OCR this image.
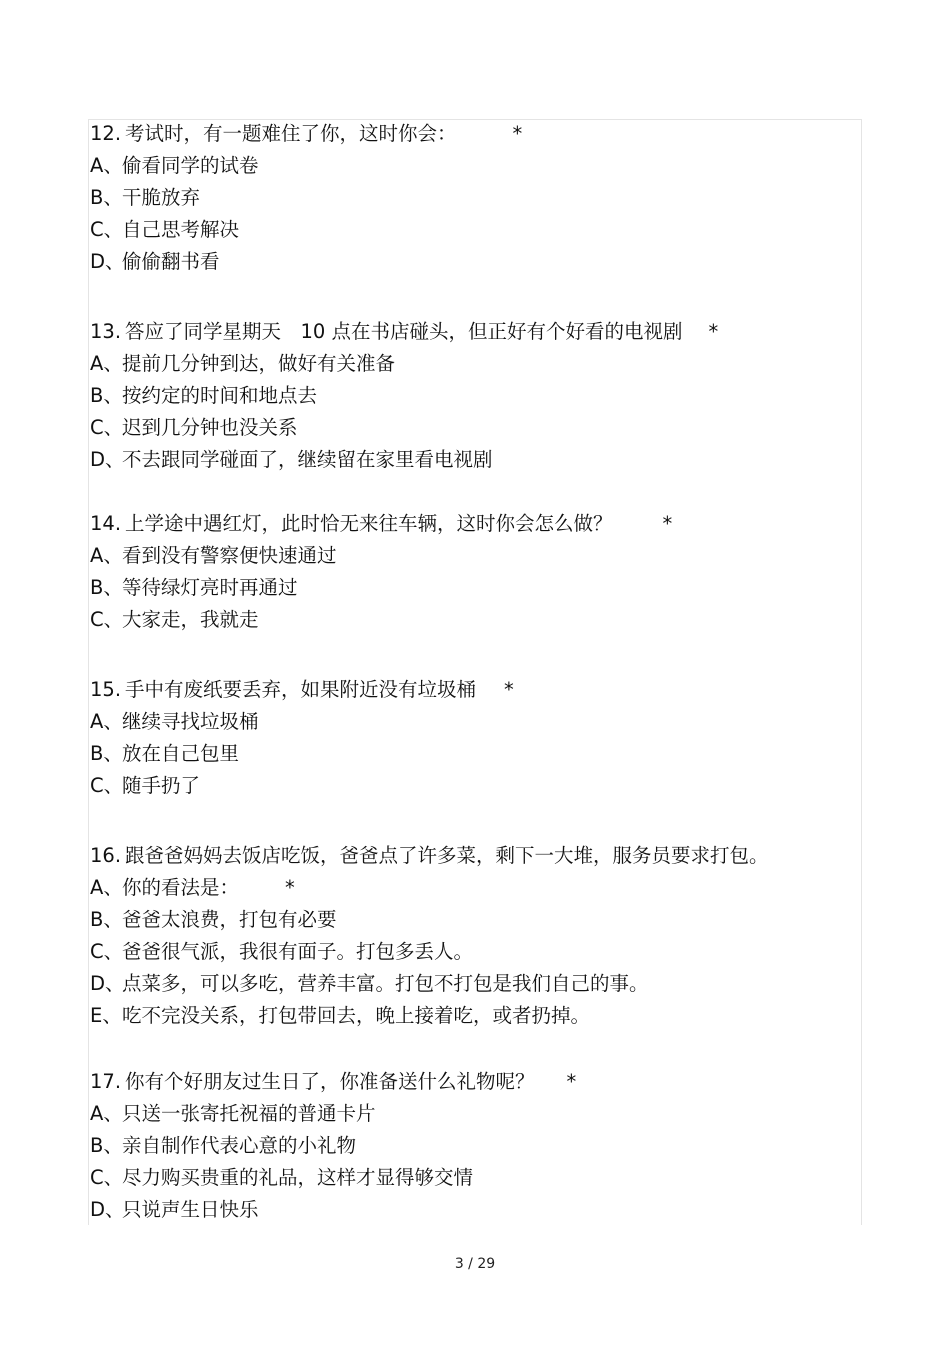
12. 考试时，有一题难住了你，这时你会：	*
A、偷看同学的试卷
B、干脆放弃
C、自己思考解决
D、偷偷翻书看
13. 答应了同学星期天　10 点在书店碰头，但正好有个好看的电视剧 *
A、提前几分钟到达，做好有关准备
B、按约定的时间和地点去
C、迟到几分钟也没关系
D、不去跟同学碰面了，继续留在家里看电视剧
14. 上学途中遇红灯，此时恰无来往车辆，这时你会怎么做？	*
A、看到没有警察便快速通过
B、等待绿灯亮时再通过
C、大家走，我就走
15. 手中有废纸要丢弃，如果附近没有垃圾桶 *
A、继续寻找垃圾桶
B、放在自己包里
C、随手扔了
16. 跟爸爸妈妈去饭店吃饭，爸爸点了许多菜，剩下一大堆，服务员要求打包。
A、你的看法是： *
B、爸爸太浪费，打包有必要
C、爸爸很气派，我很有面子。打包多丢人。
D、点菜多，可以多吃，营养丰富。打包不打包是我们自己的事。
E、吃不完没关系，打包带回去，晚上接着吃，或者扔掉。
17. 你有个好朋友过生日了，你准备送什么礼物呢？ *
A、只送一张寄托祝福的普通卡片
B、亲自制作代表心意的小礼物
C、尽力购买贵重的礼品，这样才显得够交情
D、只说声生日快乐
3 / 29
